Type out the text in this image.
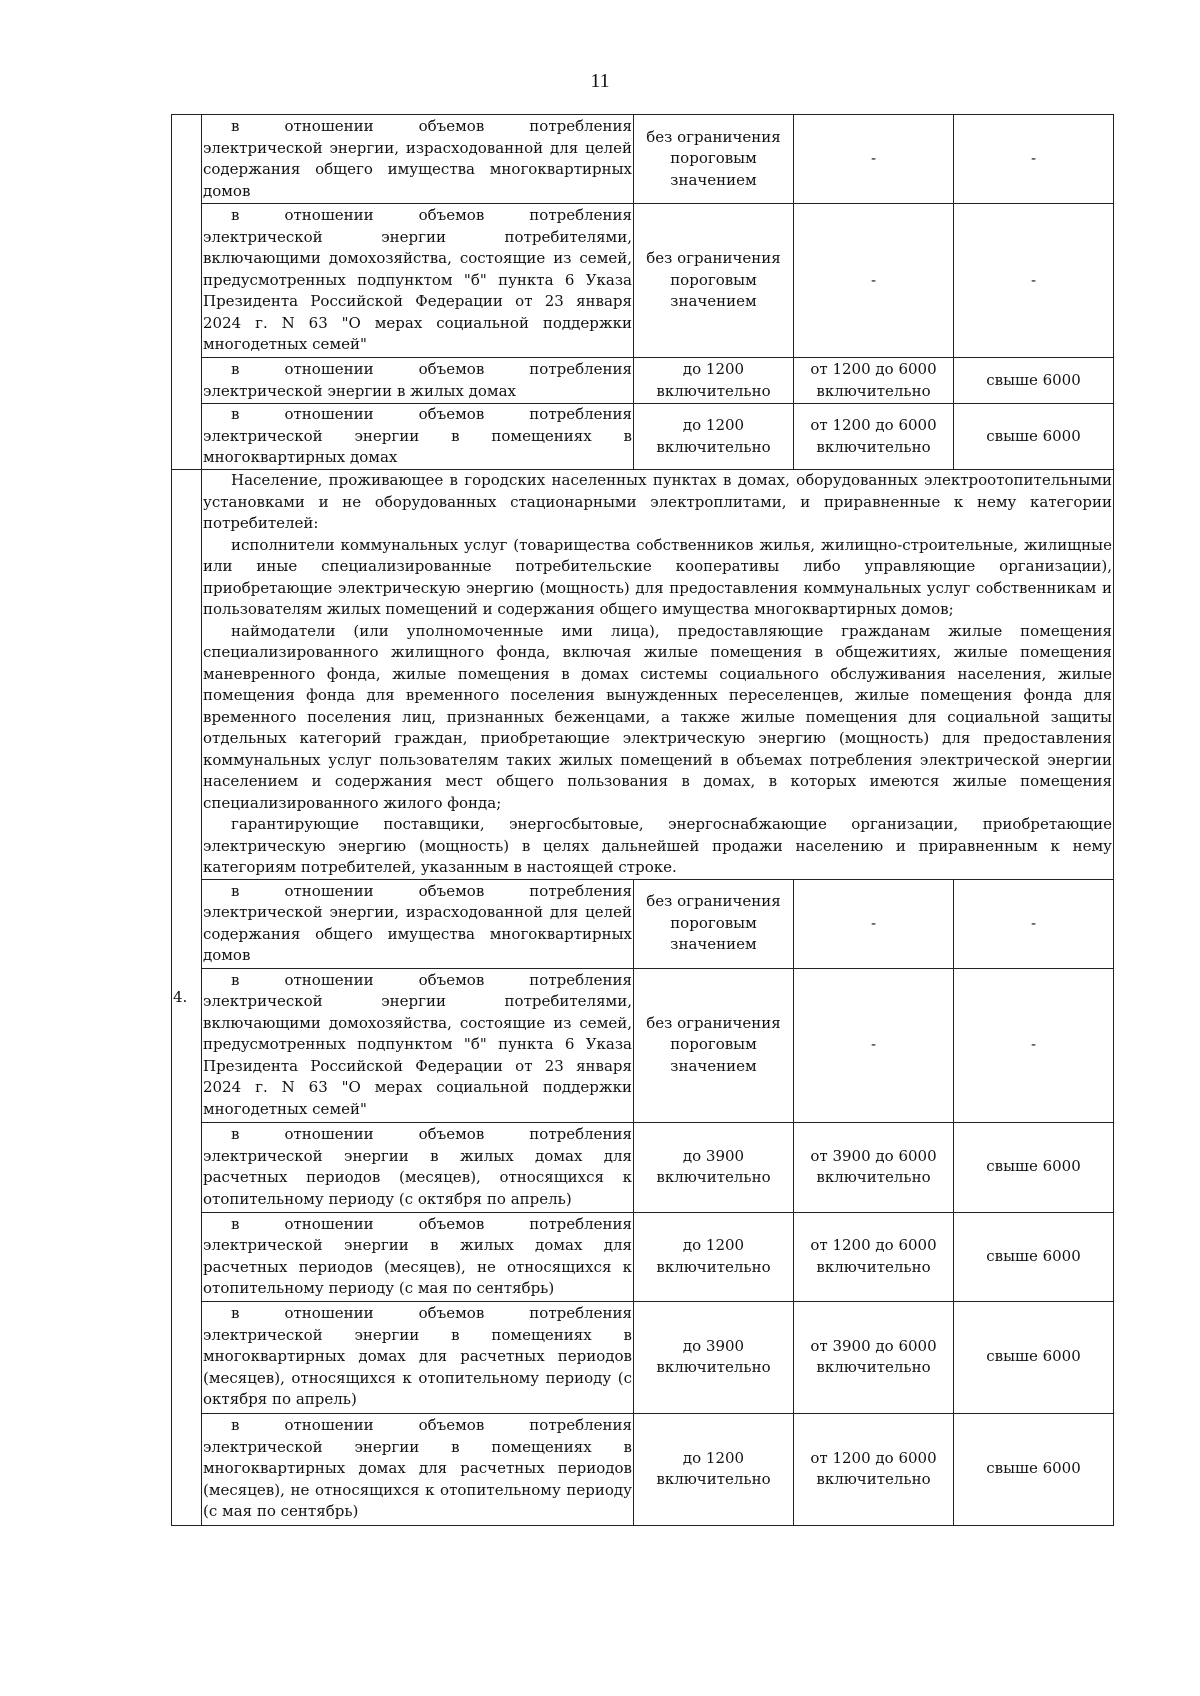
11

	в отношении объемов потребления электрической энергии, израсходованной для целей содержания общего имущества многоквартирных домов	без ограничения пороговым значением	-	-

	в отношении объемов потребления электрической энергии потребителями, включающими домохозяйства, состоящие из семей, предусмотренных подпунктом "б" пункта 6 Указа Президента Российской Федерации от 23 января 2024 г. N 63 "О мерах социальной поддержки многодетных семей"	без ограничения пороговым значением	-	-

	в отношении объемов потребления электрической энергии в жилых домах	до 1200 включительно	от 1200 до 6000 включительно	свыше 6000

	в отношении объемов потребления электрической энергии в помещениях в многоквартирных домах	до 1200 включительно	от 1200 до 6000 включительно	свыше 6000
4.	Население, проживающее в городских населенных пунктах в домах, оборудованных электроотопительными установками и не оборудованных стационарными электроплитами, и приравненные к нему категории потребителей:

исполнители коммунальных услуг (товарищества собственников жилья, жилищно-строительные, жилищные или иные специализированные потребительские кооперативы либо управляющие организации), приобретающие электрическую энергию (мощность) для предоставления коммунальных услуг собственникам и пользователям жилых помещений и содержания общего имущества многоквартирных домов;

наймодатели (или уполномоченные ими лица), предоставляющие гражданам жилые помещения специализированного жилищного фонда, включая жилые помещения в общежитиях, жилые помещения маневренного фонда, жилые помещения в домах системы социального обслуживания населения, жилые помещения фонда для временного поселения вынужденных переселенцев, жилые помещения фонда для временного поселения лиц, признанных беженцами, а также жилые помещения для социальной защиты отдельных категорий граждан, приобретающие электрическую энергию (мощность) для предоставления коммунальных услуг пользователям таких жилых помещений в объемах потребления электрической энергии населением и содержания мест общего пользования в домах, в которых имеются жилые помещения специализированного жилого фонда;

гарантирующие поставщики, энергосбытовые, энергоснабжающие организации, приобретающие электрическую энергию (мощность) в целях дальнейшей продажи населению и приравненным к нему категориям потребителей, указанным в настоящей строке.			

	в отношении объемов потребления электрической энергии, израсходованной для целей содержания общего имущества многоквартирных домов	без ограничения пороговым значением	-	-

	в отношении объемов потребления электрической энергии потребителями, включающими домохозяйства, состоящие из семей, предусмотренных подпунктом "б" пункта 6 Указа Президента Российской Федерации от 23 января 2024 г. N 63 "О мерах социальной поддержки многодетных семей"	без ограничения пороговым значением	-	-

	в отношении объемов потребления электрической энергии в жилых домах для расчетных периодов (месяцев), относящихся к отопительному периоду (с октября по апрель)	до 3900 включительно	от 3900 до 6000 включительно	свыше 6000

	в отношении объемов потребления электрической энергии в жилых домах для расчетных периодов (месяцев), не относящихся к отопительному периоду (с мая по сентябрь)	до 1200 включительно	от 1200 до 6000 включительно	свыше 6000

	в отношении объемов потребления электрической энергии в помещениях в многоквартирных домах для расчетных периодов (месяцев), относящихся к отопительному периоду (с октября по апрель)	до 3900 включительно	от 3900 до 6000 включительно	свыше 6000

	в отношении объемов потребления электрической энергии в помещениях в многоквартирных домах для расчетных периодов (месяцев), не относящихся к отопительному периоду (с мая по сентябрь)	до 1200 включительно	от 1200 до 6000 включительно	свыше 6000
